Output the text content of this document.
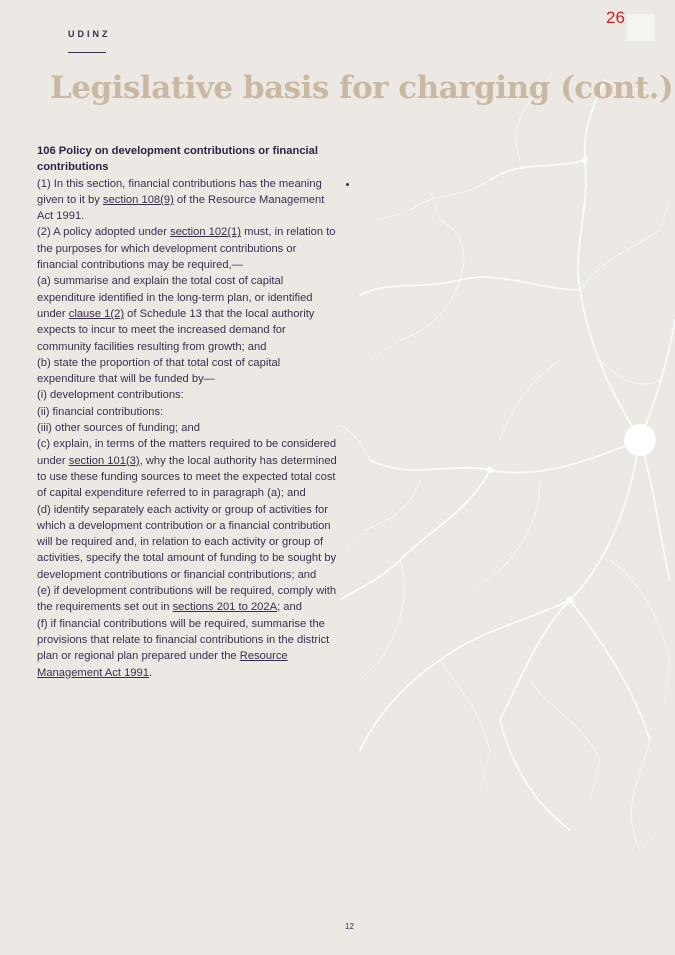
UDINZ
26
Legislative basis for charging (cont.)

106 Policy on development contributions or financial contributions

(1) In this section, financial contributions has the meaning given to it by section 108(9) of the Resource Management Act 1991.

(2) A policy adopted under section 102(1) must, in relation to the purposes for which development contributions or financial contributions may be required,—

(a) summarise and explain the total cost of capital expenditure identified in the long-term plan, or identified under clause 1(2) of Schedule 13 that the local authority expects to incur to meet the increased demand for community facilities resulting from growth; and

(b) state the proportion of that total cost of capital expenditure that will be funded by—

(i) development contributions:

(ii) financial contributions:

(iii) other sources of funding; and

(c) explain, in terms of the matters required to be considered under section 101(3), why the local authority has determined to use these funding sources to meet the expected total cost of capital expenditure referred to in paragraph (a); and

(d) identify separately each activity or group of activities for which a development contribution or a financial contribution will be required and, in relation to each activity or group of activities, specify the total amount of funding to be sought by development contributions or financial contributions; and

(e) if development contributions will be required, comply with the requirements set out in sections 201 to 202A; and

(f) if financial contributions will be required, summarise the provisions that relate to financial contributions in the district plan or regional plan prepared under the Resource Management Act 1991.

12
